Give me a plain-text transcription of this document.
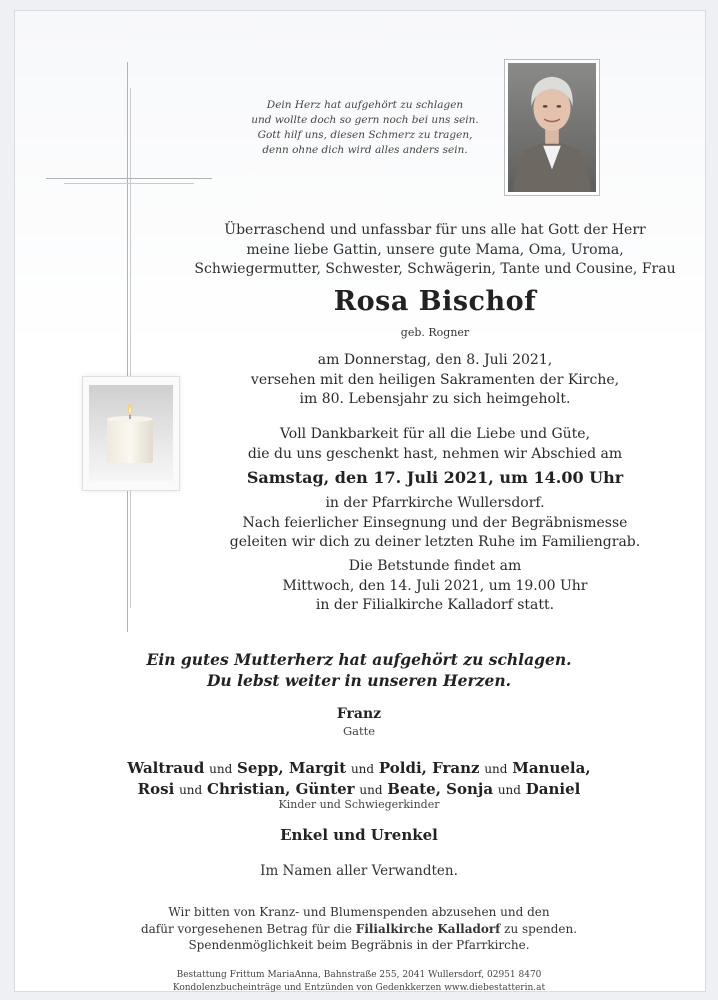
Dein Herz hat aufgehört zu schlagen
und wollte doch so gern noch bei uns sein.
Gott hilf uns, diesen Schmerz zu tragen,
denn ohne dich wird alles anders sein.
Überraschend und unfassbar für uns alle hat Gott der Herr
meine liebe Gattin, unsere gute Mama, Oma, Uroma,
Schwiegermutter, Schwester, Schwägerin, Tante und Cousine, Frau
Rosa Bischof
geb. Rogner
am Donnerstag, den 8. Juli 2021,
versehen mit den heiligen Sakramenten der Kirche,
im 80. Lebensjahr zu sich heimgeholt.
Voll Dankbarkeit für all die Liebe und Güte,
die du uns geschenkt hast, nehmen wir Abschied am
Samstag, den 17. Juli 2021, um 14.00 Uhr
in der Pfarrkirche Wullersdorf.
Nach feierlicher Einsegnung und der Begräbnismesse
geleiten wir dich zu deiner letzten Ruhe im Familiengrab.
Die Betstunde findet am
Mittwoch, den 14. Juli 2021, um 19.00 Uhr
in der Filialkirche Kalladorf statt.
Ein gutes Mutterherz hat aufgehört zu schlagen.
Du lebst weiter in unseren Herzen.
Franz
Gatte
Waltraud und Sepp, Margit und Poldi, Franz und Manuela,
Rosi und Christian, Günter und Beate, Sonja und Daniel
Kinder und Schwiegerkinder
Enkel und Urenkel
Im Namen aller Verwandten.
Wir bitten von Kranz- und Blumenspenden abzusehen und den
dafür vorgesehenen Betrag für die Filialkirche Kalladorf zu spenden.
Spendenmöglichkeit beim Begräbnis in der Pfarrkirche.
Bestattung Frittum MariaAnna, Bahnstraße 255, 2041 Wullersdorf, 02951 8470
Kondolenzbucheinträge und Entzünden von Gedenkkerzen www.diebestatterin.at
